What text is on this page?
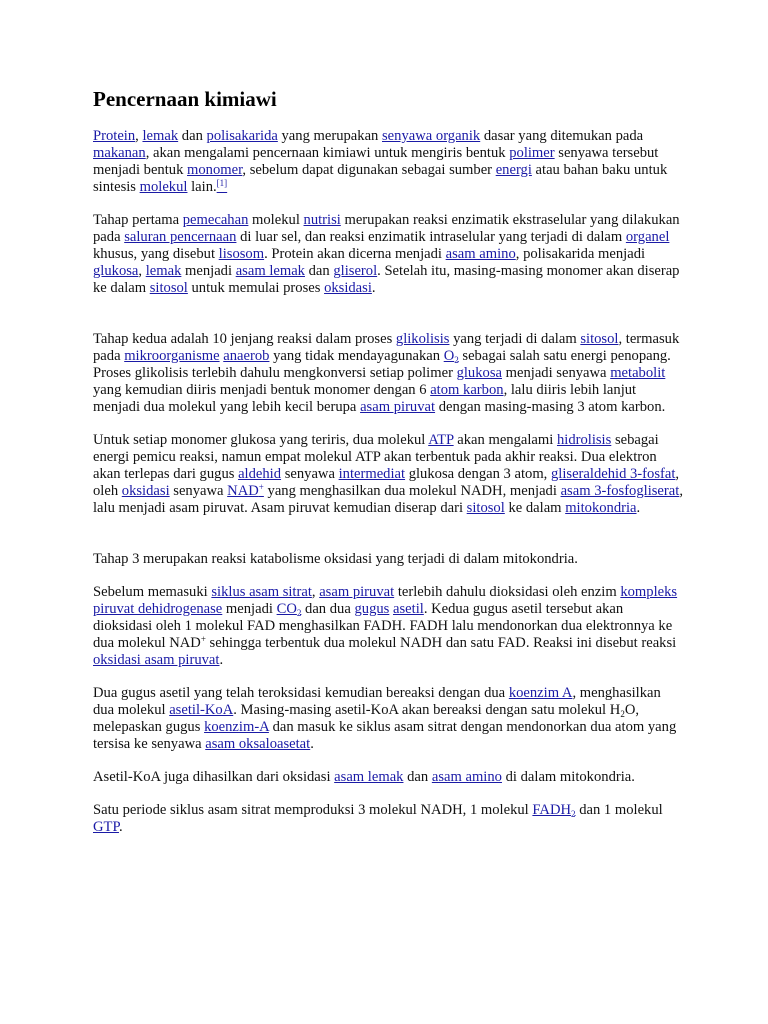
Pencernaan kimiawi

Protein, lemak dan polisakarida yang merupakan senyawa organik dasar yang ditemukan pada makanan, akan mengalami pencernaan kimiawi untuk mengiris bentuk polimer senyawa tersebut menjadi bentuk monomer, sebelum dapat digunakan sebagai sumber energi atau bahan baku untuk sintesis molekul lain.[1]

Tahap pertama pemecahan molekul nutrisi merupakan reaksi enzimatik ekstraselular yang dilakukan pada saluran pencernaan di luar sel, dan reaksi enzimatik intraselular yang terjadi di dalam organel khusus, yang disebut lisosom. Protein akan dicerna menjadi asam amino, polisakarida menjadi glukosa, lemak menjadi asam lemak dan gliserol. Setelah itu, masing-masing monomer akan diserap ke dalam sitosol untuk memulai proses oksidasi.

Tahap kedua adalah 10 jenjang reaksi dalam proses glikolisis yang terjadi di dalam sitosol, termasuk pada mikroorganisme anaerob yang tidak mendayagunakan $O_2$ sebagai salah satu energi penopang. Proses glikolisis terlebih dahulu mengkonversi setiap polimer glukosa menjadi senyawa metabolit yang kemudian diiris menjadi bentuk monomer dengan 6 atom karbon, lalu diiris lebih lanjut menjadi dua molekul yang lebih kecil berupa asam piruvat dengan masing-masing 3 atom karbon.

Untuk setiap monomer glukosa yang teriris, dua molekul ATP akan mengalami hidrolisis sebagai energi pemicu reaksi, namun empat molekul ATP akan terbentuk pada akhir reaksi. Dua elektron akan terlepas dari gugus aldehid senyawa intermediat glukosa dengan 3 atom, gliseraldehid 3-fosfat, oleh oksidasi senyawa NAD+ yang menghasilkan dua molekul NADH, menjadi asam 3-fosfogliserat, lalu menjadi asam piruvat. Asam piruvat kemudian diserap dari sitosol ke dalam mitokondria.

Tahap 3 merupakan reaksi katabolisme oksidasi yang terjadi di dalam mitokondria.

Sebelum memasuki siklus asam sitrat, asam piruvat terlebih dahulu dioksidasi oleh enzim kompleks piruvat dehidrogenase menjadi $CO_2$ dan dua gugus asetil. Kedua gugus asetil tersebut akan dioksidasi oleh 1 molekul FAD menghasilkan FADH. FADH lalu mendonorkan dua elektronnya ke dua molekul NAD+ sehingga terbentuk dua molekul NADH dan satu FAD. Reaksi ini disebut reaksi oksidasi asam piruvat.

Dua gugus asetil yang telah teroksidasi kemudian bereaksi dengan dua koenzim A, menghasilkan dua molekul asetil-KoA. Masing-masing asetil-KoA akan bereaksi dengan satu molekul $H_2O$, melepaskan gugus koenzim-A dan masuk ke siklus asam sitrat dengan mendonorkan dua atom yang tersisa ke senyawa asam oksaloasetat.

Asetil-KoA juga dihasilkan dari oksidasi asam lemak dan asam amino di dalam mitokondria.

Satu periode siklus asam sitrat memproduksi 3 molekul NADH, 1 molekul $FADH_2$ dan 1 molekul GTP.
